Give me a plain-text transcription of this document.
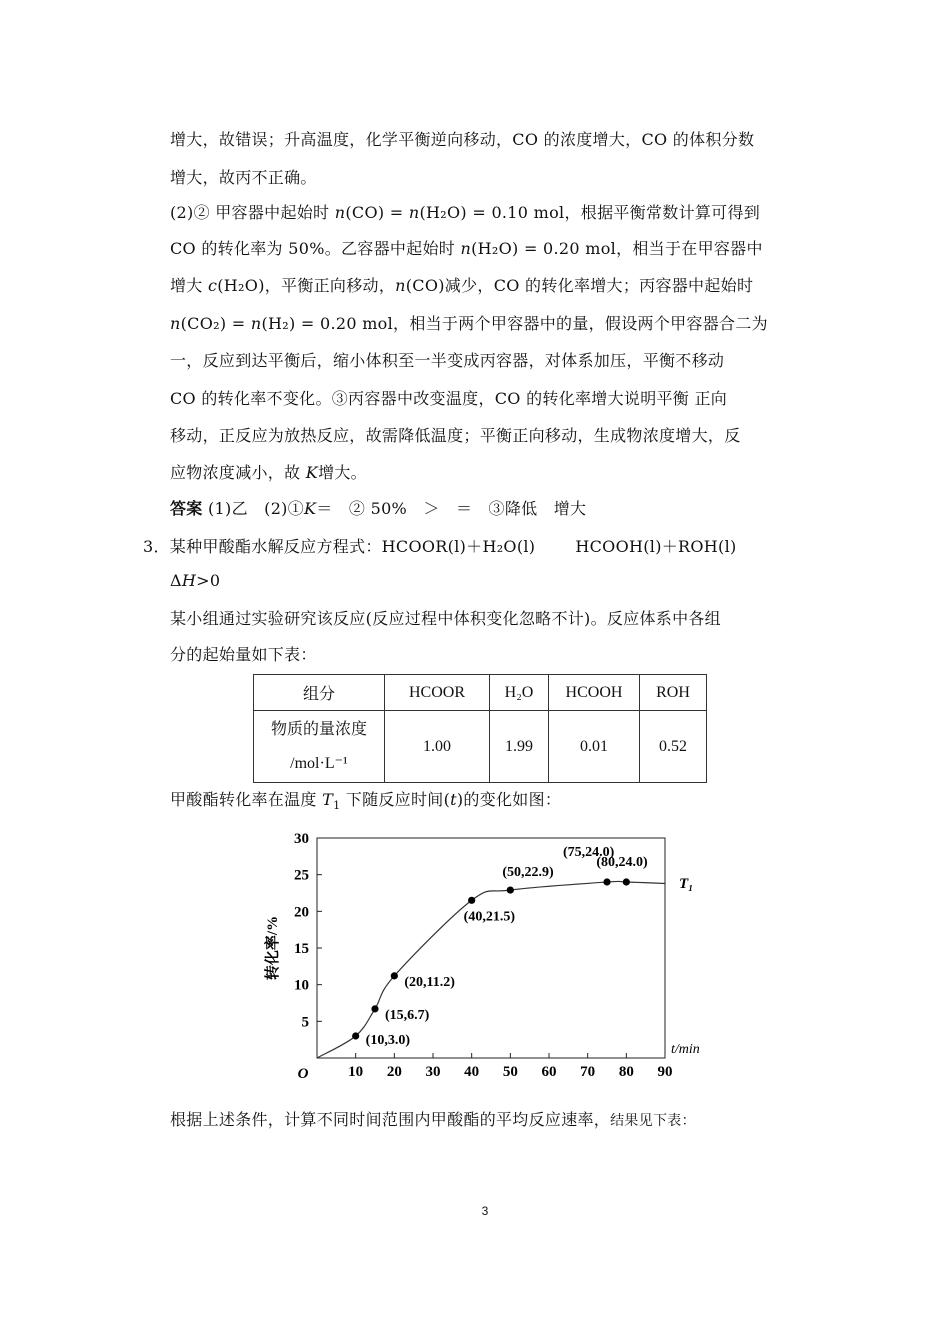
增大，故错误；升高温度，化学平衡逆向移动，CO 的浓度增大，CO 的体积分数
增大，故丙不正确。
(2)② 甲容器中起始时 n(CO) = n(H₂O) = 0.10 mol，根据平衡常数计算可得到
CO 的转化率为 50%。乙容器中起始时 n(H₂O) = 0.20 mol，相当于在甲容器中
增大 c(H₂O)，平衡正向移动，n(CO)减少，CO 的转化率增大；丙容器中起始时
n(CO₂) = n(H₂) = 0.20 mol，相当于两个甲容器中的量，假设两个甲容器合二为
一，反应到达平衡后，缩小体积至一半变成丙容器，对体系加压，平衡不移动
CO 的转化率不变化。③丙容器中改变温度，CO 的转化率增大说明平衡 正向
移动，正反应为放热反应，故需降低温度；平衡正向移动，生成物浓度增大，反
应物浓度减小，故 K增大。
答案 (1)乙　(2)①K＝　② 50%　＞　＝　③降低　增大
3．某种甲酸酯水解反应方程式：HCOOR(l)＋H₂O(l)	HCOOH(l)＋ROH(l)
ΔH>0
某小组通过实验研究该反应(反应过程中体积变化忽略不计)。反应体系中各组
分的起始量如下表：
组分	HCOOR	H₂O	HCOOH	ROH

物质的量浓度
/mol·L⁻¹	1.00	1.99	0.01	0.52
甲酸酯转化率在温度 $T_1$ 下随反应时间(t)的变化如图：
10 20 30 40 50 60 70 80 90
5
10
15
20
25
30
O
t/min
转化率/%
(10,3.0)
(15,6.7)
(20,11.2)
(40,21.5)
(50,22.9)
(75,24.0)
(80,24.0)
T₁
根据上述条件，计算不同时间范围内甲酸酯的平均反应速率，结果见下表：
3
